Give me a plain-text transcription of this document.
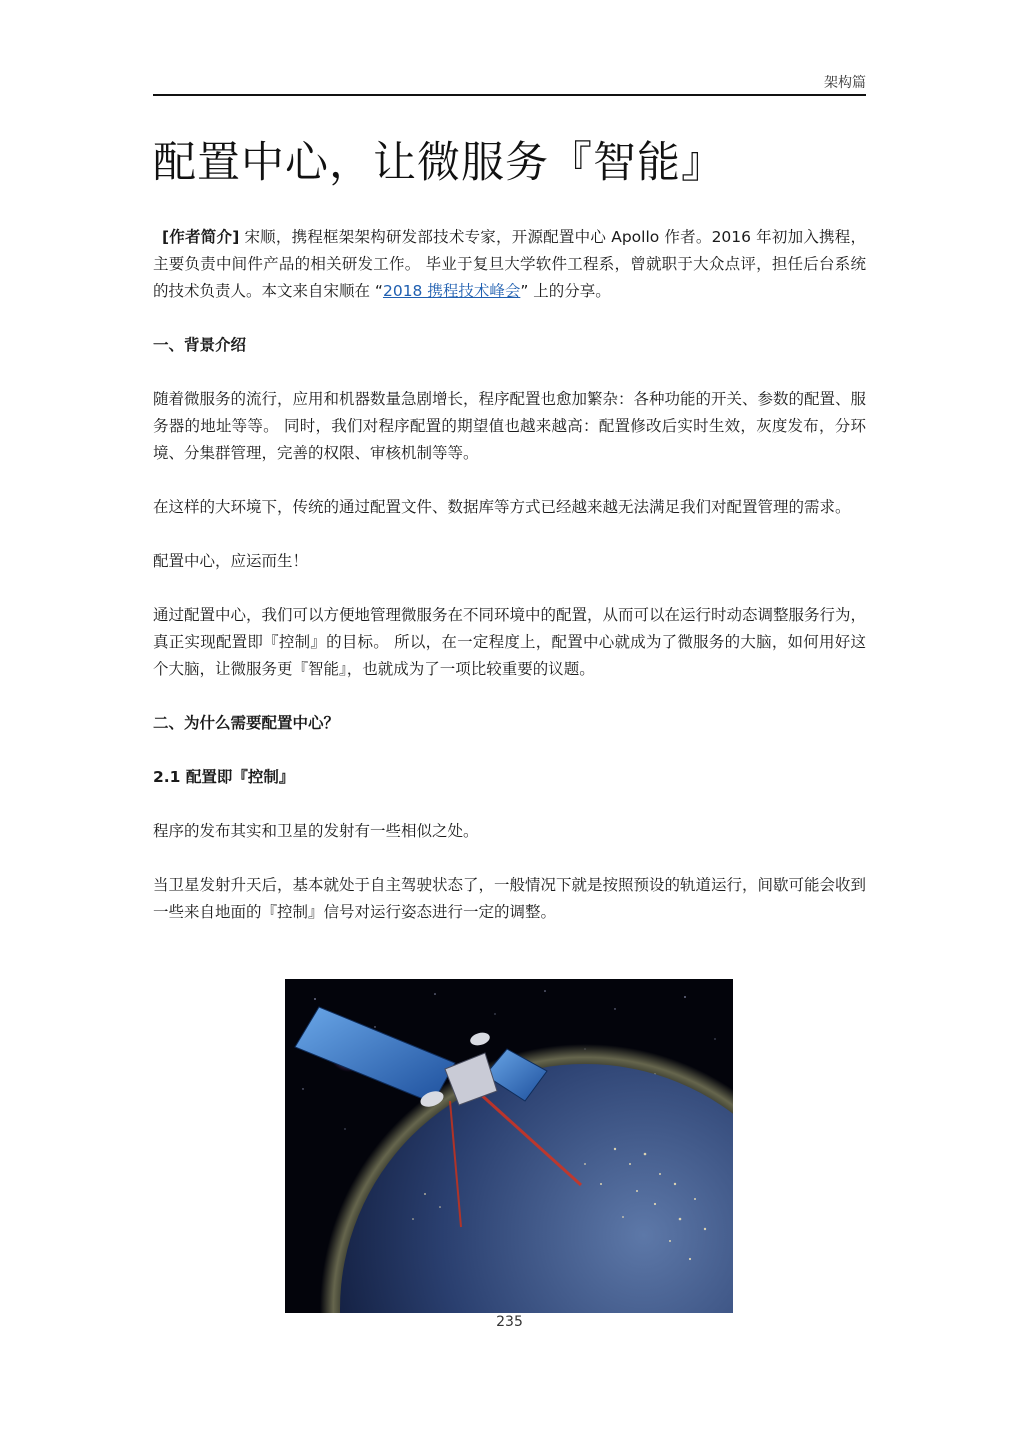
架构篇
配置中心，让微服务『智能』

[作者简介] 宋顺，携程框架架构研发部技术专家，开源配置中心 Apollo 作者。2016 年初加入携程，主要负责中间件产品的相关研发工作。 毕业于复旦大学软件工程系，曾就职于大众点评，担任后台系统的技术负责人。本文来自宋顺在 “2018 携程技术峰会” 上的分享。

一、背景介绍

随着微服务的流行，应用和机器数量急剧增长，程序配置也愈加繁杂：各种功能的开关、参数的配置、服务器的地址等等。 同时，我们对程序配置的期望值也越来越高：配置修改后实时生效，灰度发布，分环境、分集群管理，完善的权限、审核机制等等。

在这样的大环境下，传统的通过配置文件、数据库等方式已经越来越无法满足我们对配置管理的需求。

配置中心，应运而生！

通过配置中心，我们可以方便地管理微服务在不同环境中的配置，从而可以在运行时动态调整服务行为，真正实现配置即『控制』的目标。 所以，在一定程度上，配置中心就成为了微服务的大脑，如何用好这个大脑，让微服务更『智能』，也就成为了一项比较重要的议题。

二、为什么需要配置中心？

2.1 配置即『控制』

程序的发布其实和卫星的发射有一些相似之处。

当卫星发射升天后，基本就处于自主驾驶状态了，一般情况下就是按照预设的轨道运行，间歇可能会收到一些来自地面的『控制』信号对运行姿态进行一定的调整。

235
